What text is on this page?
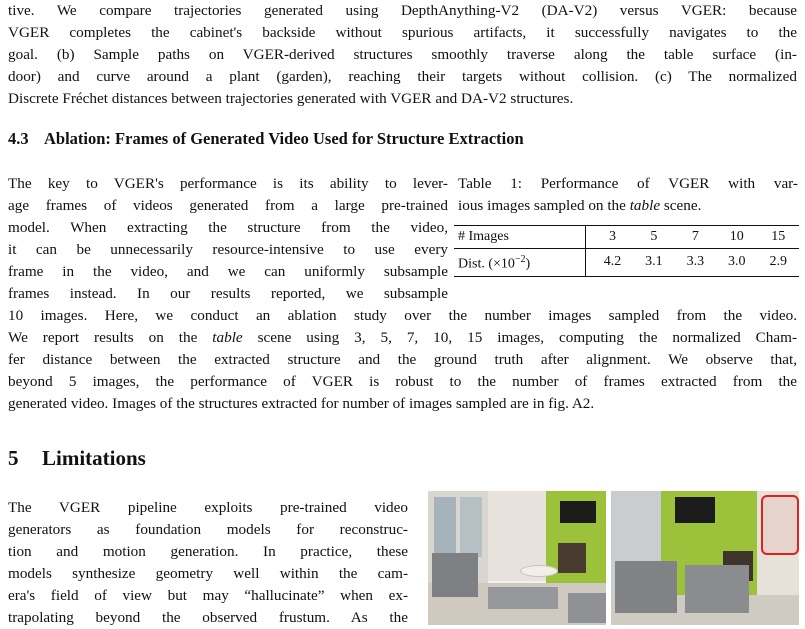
tive. We compare trajectories generated using DepthAnything-V2 (DA-V2) versus VGER: because
VGER completes the cabinet's backside without spurious artifacts, it successfully navigates to the
goal. (b) Sample paths on VGER-derived structures smoothly traverse along the table surface (in-
door) and curve around a plant (garden), reaching their targets without collision. (c) The normalized
Discrete Fréchet distances between trajectories generated with VGER and DA-V2 structures.
4.3 Ablation: Frames of Generated Video Used for Structure Extraction
The key to VGER's performance is its ability to lever-
age frames of videos generated from a large pre-trained
model. When extracting the structure from the video,
it can be unnecessarily resource-intensive to use every
frame in the video, and we can uniformly subsample
frames instead. In our results reported, we subsample
Table 1: Performance of VGER with var-
ious images sampled on the table scene.
# Images		3	5	7	10	15
Dist. $(\times 10^{-2})$		4.2	3.1	3.3	3.0	2.9
10 images. Here, we conduct an ablation study over the number images sampled from the video.
We report results on the table scene using 3, 5, 7, 10, 15 images, computing the normalized Cham-
fer distance between the extracted structure and the ground truth after alignment. We observe that,
beyond 5 images, the performance of VGER is robust to the number of frames extracted from the
generated video. Images of the structures extracted for number of images sampled are in fig. A2.
5 Limitations
The VGER pipeline exploits pre-trained video
generators as foundation models for reconstruc-
tion and motion generation. In practice, these
models synthesize geometry well within the cam-
era's field of view but may “hallucinate” when ex-
trapolating beyond the observed frustum. As the
